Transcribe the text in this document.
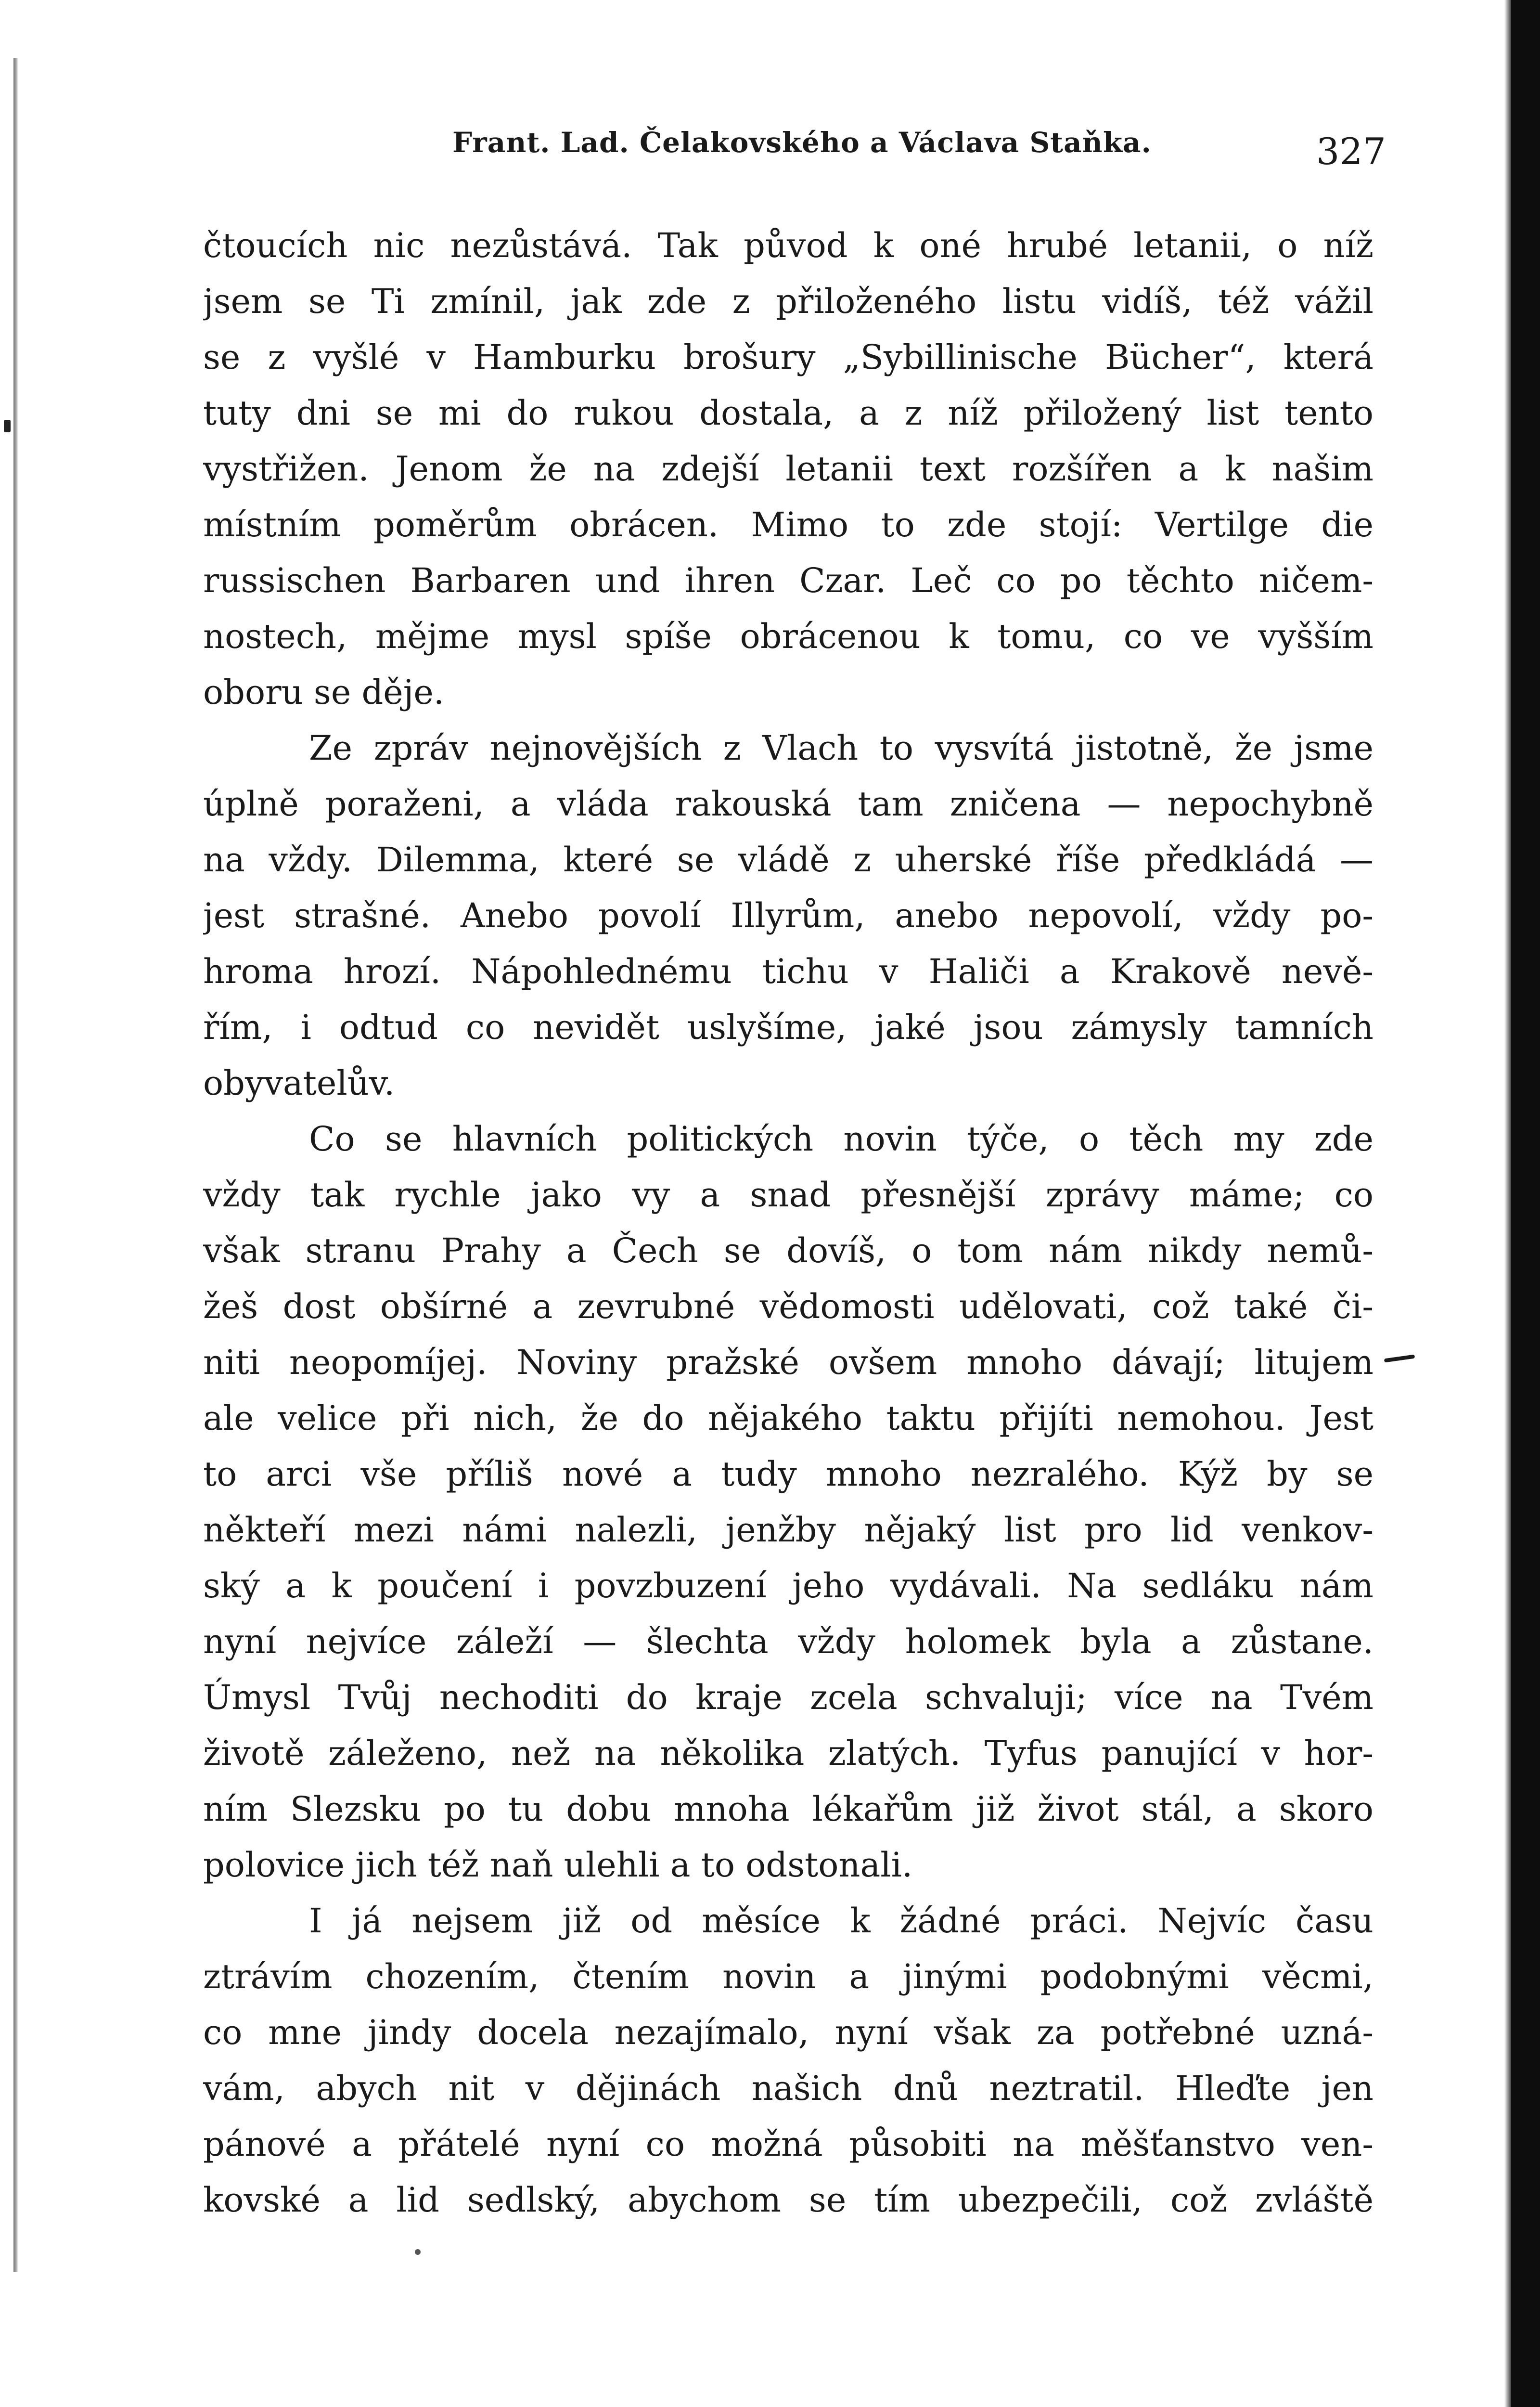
Frant. Lad. Čelakovského a Václava Staňka.	327
čtoucích nic nezůstává. Tak původ k oné hrubé letanii, o níž
jsem se Ti zmínil, jak zde z přiloženého listu vidíš, též vážil
se z vyšlé v Hamburku brošury „Sybillinische Bücher“, která
tuty dni se mi do rukou dostala, a z níž přiložený list tento
vystřižen. Jenom že na zdejší letanii text rozšířen a k našim
místním poměrům obrácen. Mimo to zde stojí: Vertilge die
russischen Barbaren und ihren Czar. Leč co po těchto ničem-
nostech, mějme mysl spíše obrácenou k tomu, co ve vyšším
oboru se děje.
Ze zpráv nejnovějších z Vlach to vysvítá jistotně, že jsme
úplně poraženi, a vláda rakouská tam zničena — nepochybně
na vždy. Dilemma, které se vládě z uherské říše předkládá —
jest strašné. Anebo povolí Illyrům, anebo nepovolí, vždy po-
hroma hrozí. Nápohlednému tichu v Haliči a Krakově nevě-
řím, i odtud co nevidět uslyšíme, jaké jsou zámysly tamních
obyvatelův.
Co se hlavních politických novin týče, o těch my zde
vždy tak rychle jako vy a snad přesnější zprávy máme; co
však stranu Prahy a Čech se dovíš, o tom nám nikdy nemů-
žeš dost obšírné a zevrubné vědomosti udělovati, což také či-
niti neopomíjej. Noviny pražské ovšem mnoho dávají; litujem
ale velice při nich, že do nějakého taktu přijíti nemohou. Jest
to arci vše příliš nové a tudy mnoho nezralého. Kýž by se
někteří mezi námi nalezli, jenžby nějaký list pro lid venkov-
ský a k poučení i povzbuzení jeho vydávali. Na sedláku nám
nyní nejvíce záleží — šlechta vždy holomek byla a zůstane.
Úmysl Tvůj nechoditi do kraje zcela schvaluji; více na Tvém
životě záleženo, než na několika zlatých. Tyfus panující v hor-
ním Slezsku po tu dobu mnoha lékařům již život stál, a skoro
polovice jich též naň ulehli a to odstonali.
I já nejsem již od měsíce k žádné práci. Nejvíc času
ztrávím chozením, čtením novin a jinými podobnými věcmi,
co mne jindy docela nezajímalo, nyní však za potřebné uzná-
vám, abych nit v dějinách našich dnů neztratil. Hleďte jen
pánové a přátelé nyní co možná působiti na měšťanstvo ven-
kovské a lid sedlský, abychom se tím ubezpečili, což zvláště
